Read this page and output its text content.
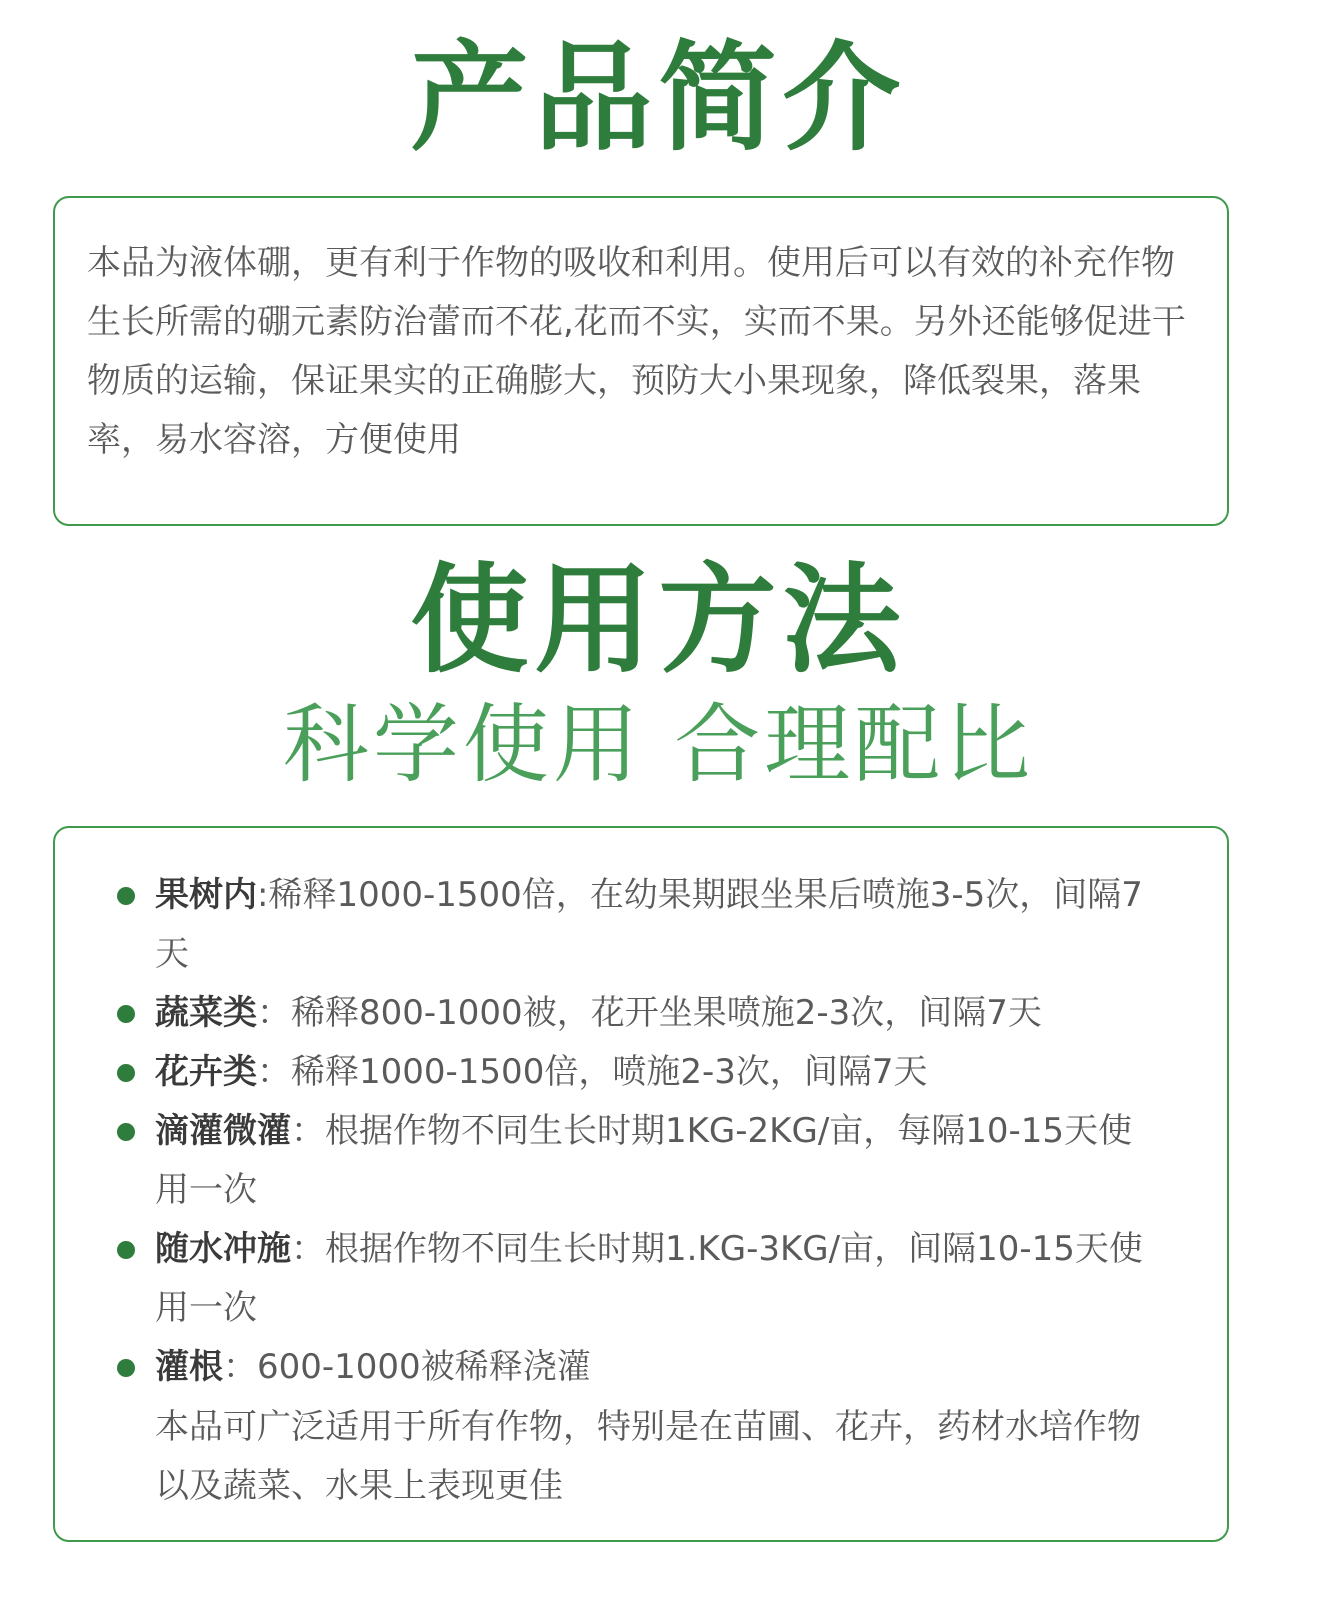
产品简介
本品为液体硼，更有利于作物的吸收和利用。使用后可以有效的补充作物生长所需的硼元素防治蕾而不花,花而不实，实而不果。另外还能够促进干物质的运输，保证果实的正确膨大，预防大小果现象，降低裂果，落果率，易水容溶，方便使用
使用方法
科学使用 合理配比
果树内:稀释1000-1500倍，在幼果期跟坐果后喷施3-5次，间隔7天
蔬菜类：稀释800-1000被，花开坐果喷施2-3次，间隔7天
花卉类：稀释1000-1500倍，喷施2-3次，间隔7天
滴灌微灌：根据作物不同生长时期1KG-2KG/亩，每隔10-15天使用一次
随水冲施：根据作物不同生长时期1.KG-3KG/亩，间隔10-15天使用一次
灌根：600-1000被稀释浇灌
本品可广泛适用于所有作物，特别是在苗圃、花卉，药材水培作物以及蔬菜、水果上表现更佳
